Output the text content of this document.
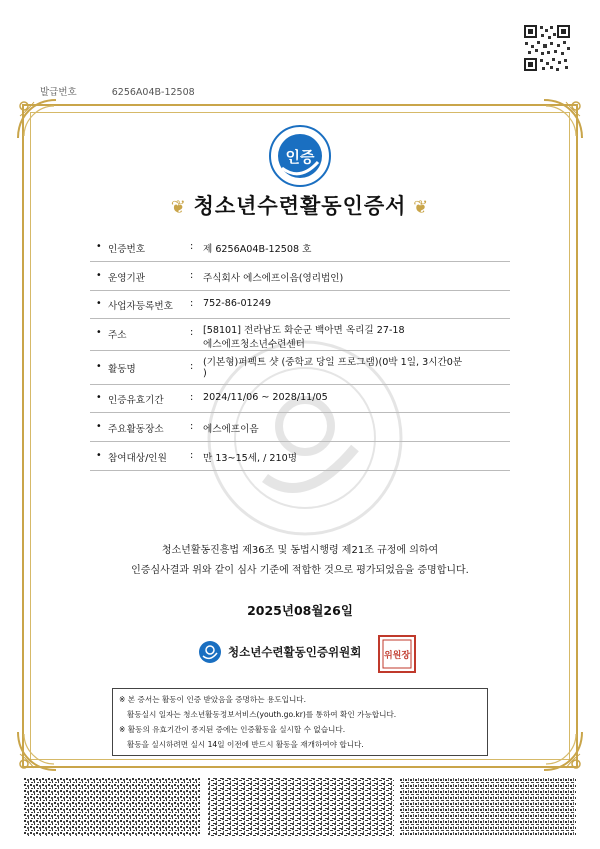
발급번호	6256A04B-12508
인증
❦ 청소년수련활동인증서 ❦
• 인증번호	: 제 6256A04B-12508 호
• 운영기관	: 주식회사 에스에프이음(영리법인)
• 사업자등록번호 : 752-86-01249
• 주소	: [58101] 전라남도 화순군 백아면 옥리길 27-18
에스에프청소년수련센터
• 활동명	: (기본형)퍼펙트 샷 (중학교 당일 프로그램)(0박 1일, 3시간0분
)
• 인증유효기간	: 2024/11/06 ~ 2028/11/05
• 주요활동장소	: 에스에프이음
• 참여대상/인원 : 만 13~15세, / 210명
청소년활동진흥법 제36조 및 동법시행령 제21조 규정에 의하여
인증심사결과 위와 같이 심사 기준에 적합한 것으로 평가되었음을 증명합니다.
2025년08월26일
청소년수련활동인증위원회	위원장
※ 본 증서는 활동이 인증 받았음을 증명하는 용도입니다.
활동실시 일자는 청소년활동정보서비스(youth.go.kr)를 통하여 확인 가능합니다.
※ 활동의 유효기간이 종지된 증에는 인증활동을 실시할 수 없습니다.
활동을 실시하려면 실시 14일 이전에 반드시 활동을 재개하여야 합니다.
